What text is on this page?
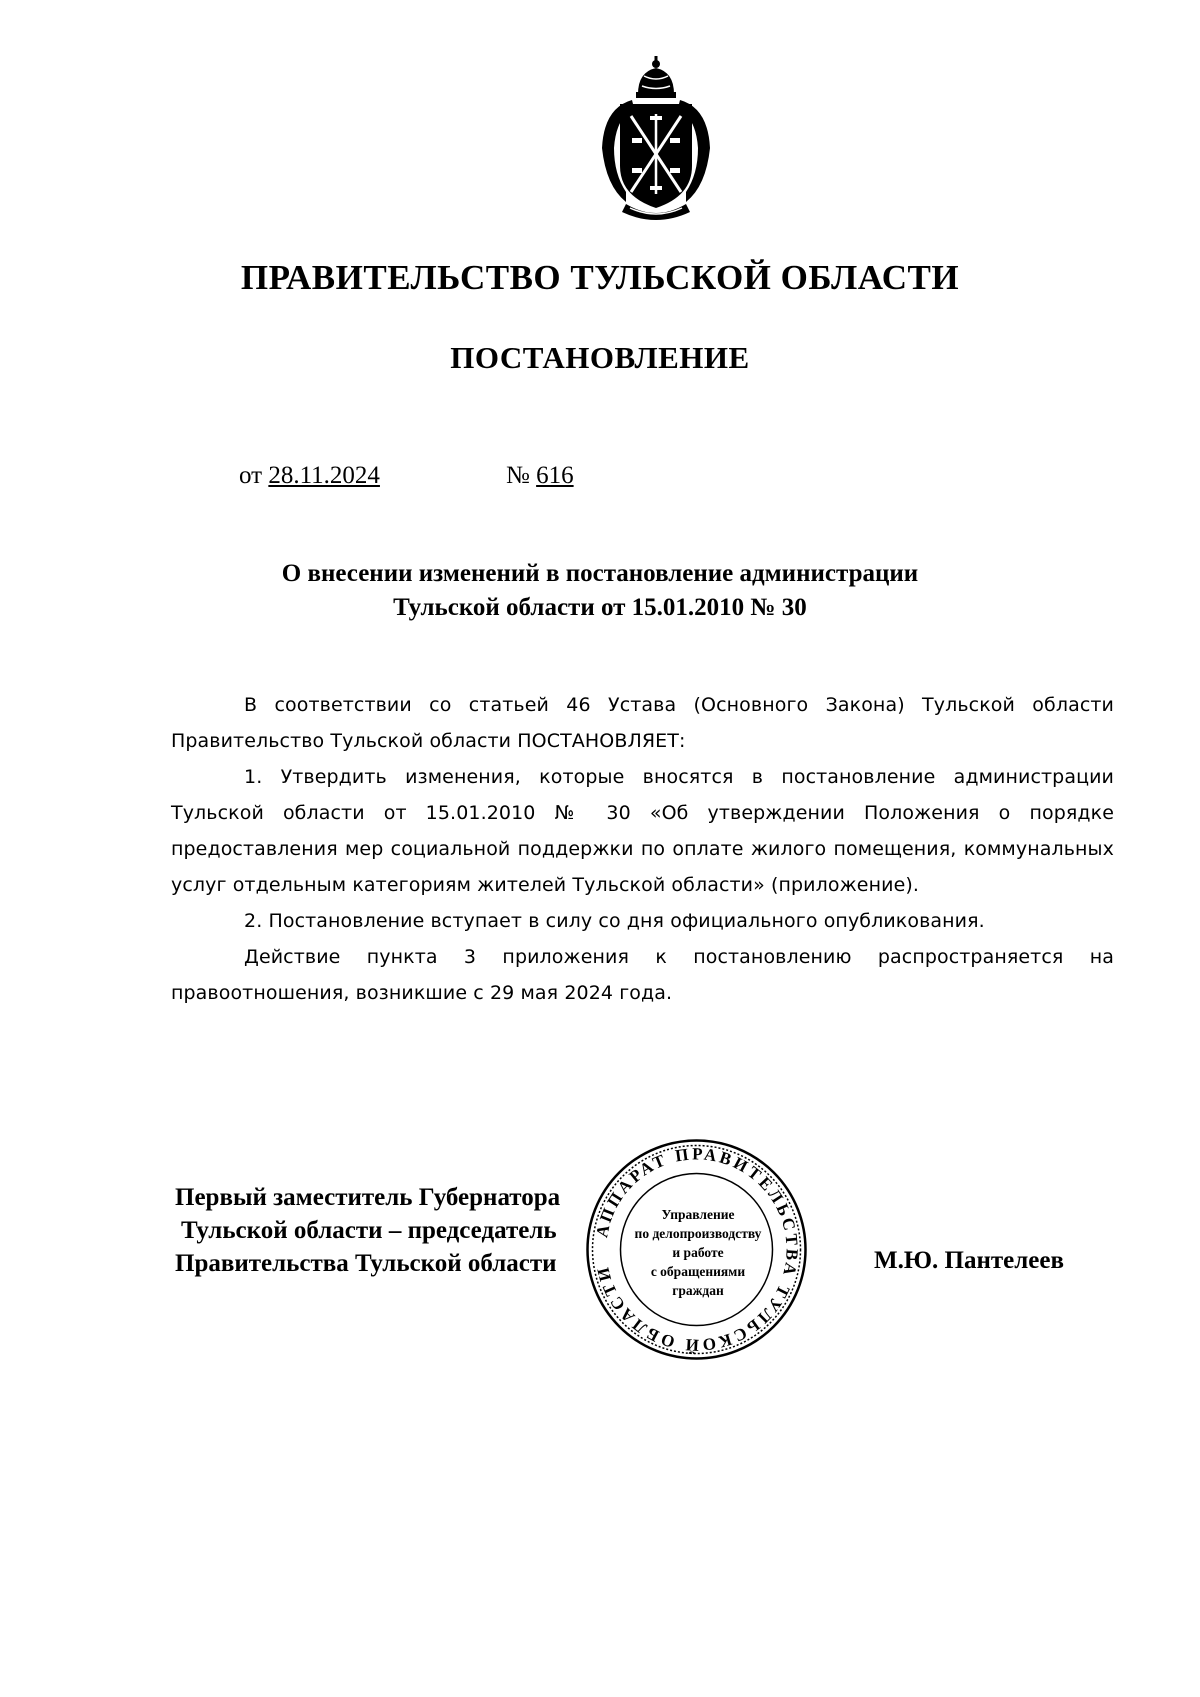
ПРАВИТЕЛЬСТВО ТУЛЬСКОЙ ОБЛАСТИ
ПОСТАНОВЛЕНИЕ
от 28.11.2024	№ 616
О внесении изменений в постановление администрации
Тульской области от 15.01.2010 № 30

В соответствии со статьей 46 Устава (Основного Закона) Тульской области Правительство Тульской области ПОСТАНОВЛЯЕТ:

1. Утвердить изменения, которые вносятся в постановление администрации Тульской области от 15.01.2010 № 30 «Об утверждении Положения о порядке предоставления мер социальной поддержки по оплате жилого помещения, коммунальных услуг отдельным категориям жителей Тульской области» (приложение).

2. Постановление вступает в силу со дня официального опубликования.

Действие пункта 3 приложения к постановлению распространяется на правоотношения, возникшие с 29 мая 2024 года.

Первый заместитель Губернатора
Тульской области – председатель
Правительства Тульской области	М.Ю. Пантелеев
АППАРАТ ПРАВИТЕЛЬСТВА ТУЛЬСКОЙ ОБЛАСТИ
Управление
по делопроизводству
и работе
с обращениями
граждан
